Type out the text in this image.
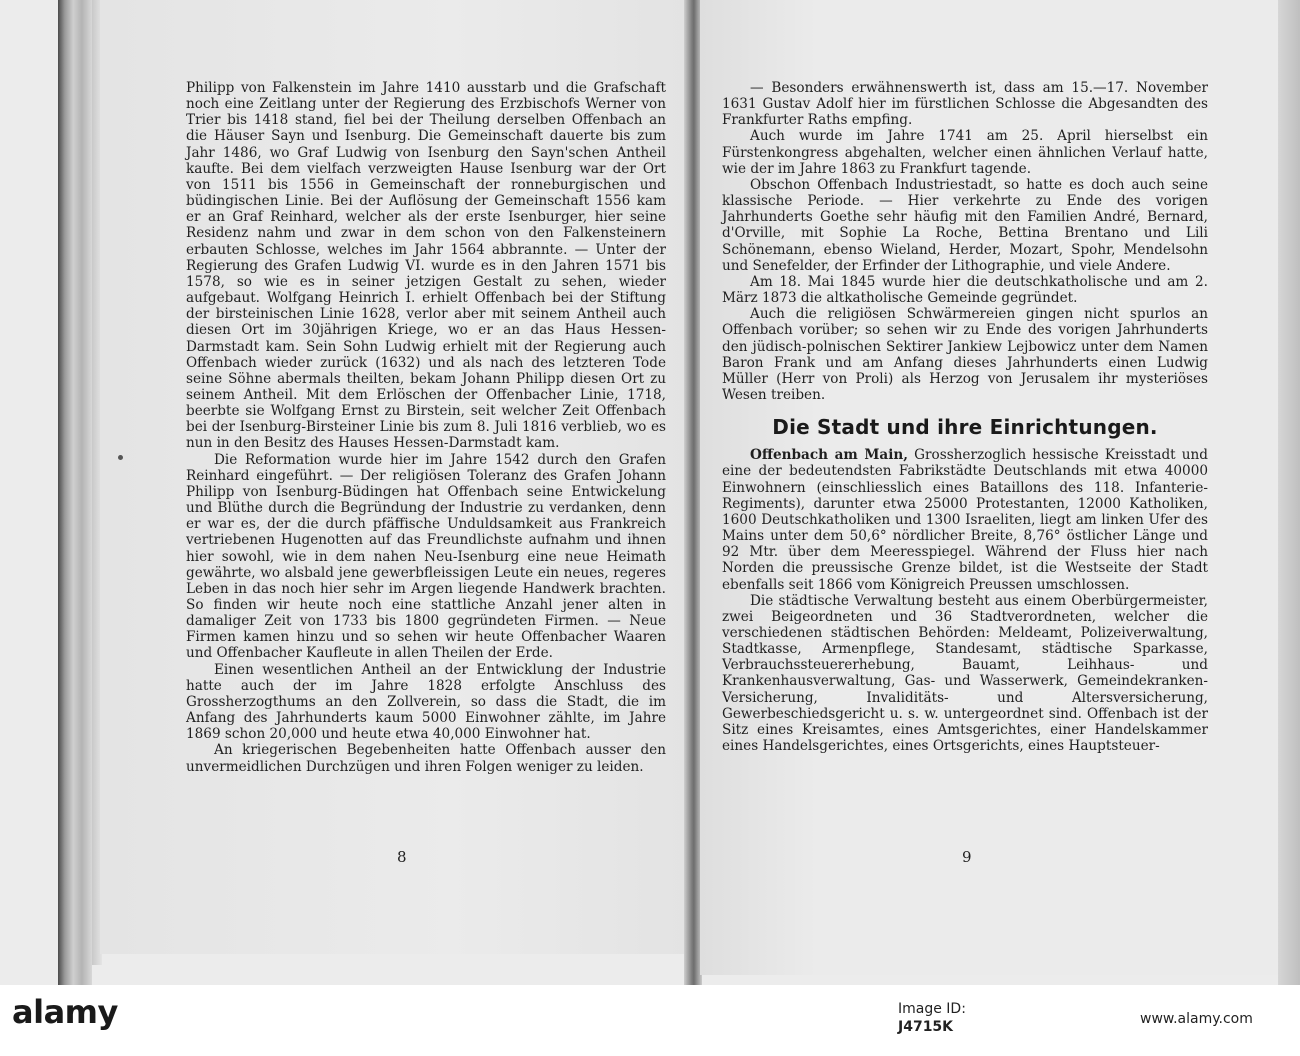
Philipp von Falkenstein im Jahre 1410 ausstarb und die Grafschaft noch eine Zeitlang unter der Regierung des Erzbischofs Werner von Trier bis 1418 stand, fiel bei der Theilung derselben Offenbach an die Häuser Sayn und Isenburg. Die Gemeinschaft dauerte bis zum Jahr 1486, wo Graf Ludwig von Isenburg den Sayn'schen Antheil kaufte. Bei dem vielfach verzweigten Hause Isenburg war der Ort von 1511 bis 1556 in Gemeinschaft der ronneburgischen und büdingischen Linie. Bei der Auflösung der Gemeinschaft 1556 kam er an Graf Reinhard, welcher als der erste Isenburger, hier seine Residenz nahm und zwar in dem schon von den Falkensteinern erbauten Schlosse, welches im Jahr 1564 abbrannte. — Unter der Regierung des Grafen Ludwig VI. wurde es in den Jahren 1571 bis 1578, so wie es in seiner jetzigen Gestalt zu sehen, wieder aufgebaut. Wolfgang Heinrich I. erhielt Offenbach bei der Stiftung der birsteinischen Linie 1628, verlor aber mit seinem Antheil auch diesen Ort im 30jährigen Kriege, wo er an das Haus Hessen-Darmstadt kam. Sein Sohn Ludwig erhielt mit der Regierung auch Offenbach wieder zurück (1632) und als nach des letzteren Tode seine Söhne abermals theilten, bekam Johann Philipp diesen Ort zu seinem Antheil. Mit dem Erlöschen der Offenbacher Linie, 1718, beerbte sie Wolfgang Ernst zu Birstein, seit welcher Zeit Offenbach bei der Isenburg-Birsteiner Linie bis zum 8. Juli 1816 verblieb, wo es nun in den Besitz des Hauses Hessen-Darmstadt kam.

Die Reformation wurde hier im Jahre 1542 durch den Grafen Reinhard eingeführt. — Der religiösen Toleranz des Grafen Johann Philipp von Isenburg-Büdingen hat Offenbach seine Entwickelung und Blüthe durch die Begründung der Industrie zu verdanken, denn er war es, der die durch pfäffische Unduldsamkeit aus Frankreich vertriebenen Hugenotten auf das Freundlichste aufnahm und ihnen hier sowohl, wie in dem nahen Neu-Isenburg eine neue Heimath gewährte, wo alsbald jene gewerbfleissigen Leute ein neues, regeres Leben in das noch hier sehr im Argen liegende Handwerk brachten. So finden wir heute noch eine stattliche Anzahl jener alten in damaliger Zeit von 1733 bis 1800 gegründeten Firmen. — Neue Firmen kamen hinzu und so sehen wir heute Offenbacher Waaren und Offenbacher Kaufleute in allen Theilen der Erde.

Einen wesentlichen Antheil an der Entwicklung der Industrie hatte auch der im Jahre 1828 erfolgte Anschluss des Grossherzogthums an den Zollverein, so dass die Stadt, die im Anfang des Jahrhunderts kaum 5000 Einwohner zählte, im Jahre 1869 schon 20,000 und heute etwa 40,000 Einwohner hat.

An kriegerischen Begebenheiten hatte Offenbach ausser den unvermeidlichen Durchzügen und ihren Folgen weniger zu leiden.

8

— Besonders erwähnenswerth ist, dass am 15.—17. November 1631 Gustav Adolf hier im fürstlichen Schlosse die Abgesandten des Frankfurter Raths empfing.

Auch wurde im Jahre 1741 am 25. April hierselbst ein Fürstenkongress abgehalten, welcher einen ähnlichen Verlauf hatte, wie der im Jahre 1863 zu Frankfurt tagende.

Obschon Offenbach Industriestadt, so hatte es doch auch seine klassische Periode. — Hier verkehrte zu Ende des vorigen Jahrhunderts Goethe sehr häufig mit den Familien André, Bernard, d'Orville, mit Sophie La Roche, Bettina Brentano und Lili Schönemann, ebenso Wieland, Herder, Mozart, Spohr, Mendelsohn und Senefelder, der Erfinder der Lithographie, und viele Andere.

Am 18. Mai 1845 wurde hier die deutschkatholische und am 2. März 1873 die altkatholische Gemeinde gegründet.

Auch die religiösen Schwärmereien gingen nicht spurlos an Offenbach vorüber; so sehen wir zu Ende des vorigen Jahrhunderts den jüdisch-polnischen Sektirer Jankiew Lejbowicz unter dem Namen Baron Frank und am Anfang dieses Jahrhunderts einen Ludwig Müller (Herr von Proli) als Herzog von Jerusalem ihr mysteriöses Wesen treiben.

Die Stadt und ihre Einrichtungen.

Offenbach am Main, Grossherzoglich hessische Kreisstadt und eine der bedeutendsten Fabrikstädte Deutschlands mit etwa 40000 Einwohnern (einschliesslich eines Bataillons des 118. Infanterie-Regiments), darunter etwa 25000 Protestanten, 12000 Katholiken, 1600 Deutschkatholiken und 1300 Israeliten, liegt am linken Ufer des Mains unter dem 50,6° nördlicher Breite, 8,76° östlicher Länge und 92 Mtr. über dem Meeresspiegel. Während der Fluss hier nach Norden die preussische Grenze bildet, ist die Westseite der Stadt ebenfalls seit 1866 vom Königreich Preussen umschlossen.

Die städtische Verwaltung besteht aus einem Oberbürgermeister, zwei Beigeordneten und 36 Stadtverordneten, welcher die verschiedenen städtischen Behörden: Meldeamt, Polizeiverwaltung, Stadtkasse, Armenpflege, Standesamt, städtische Sparkasse, Verbrauchssteuererhebung, Bauamt, Leihhaus- und Krankenhausverwaltung, Gas- und Wasserwerk, Gemeindekranken-Versicherung, Invaliditäts- und Altersversicherung, Gewerbeschiedsgericht u. s. w. untergeordnet sind. Offenbach ist der Sitz eines Kreisamtes, eines Amtsgerichtes, einer Handelskammer eines Handelsgerichtes, eines Ortsgerichts, eines Hauptsteuer-

9
alamy	Image ID:
J4715K	www.alamy.com
